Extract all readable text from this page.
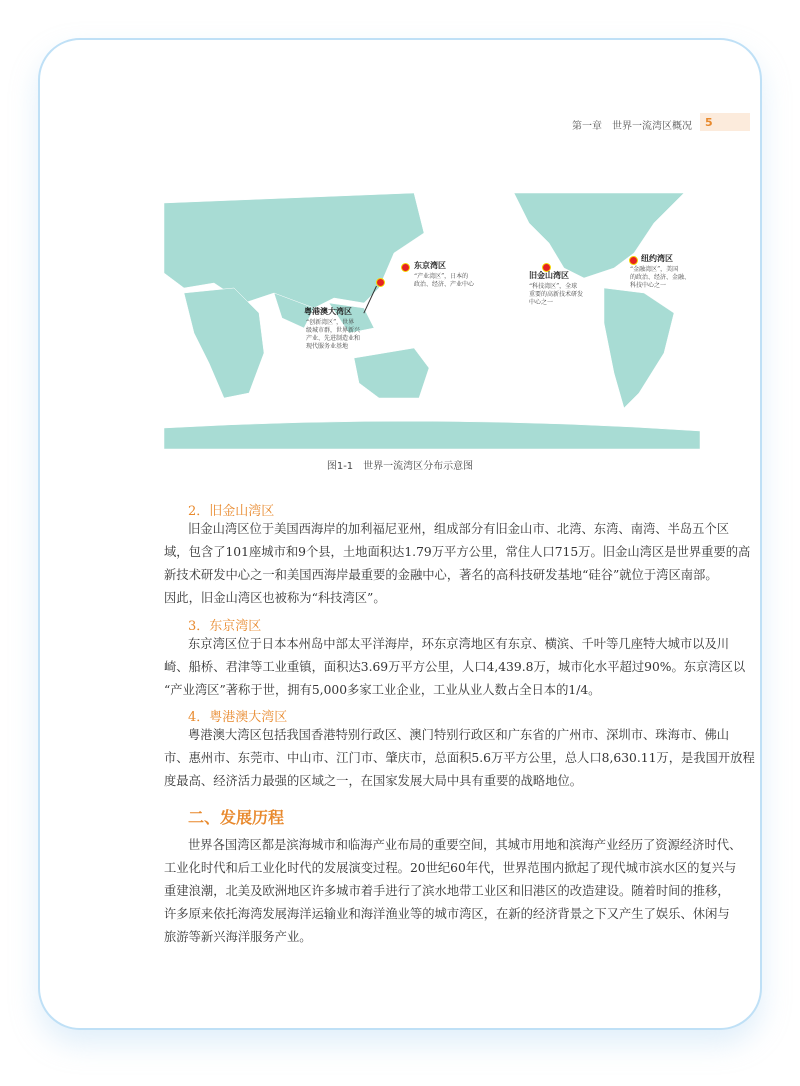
第一章　世界一流湾区概况 5
东京湾区
“产业湾区”，日本的
政治、经济、产业中心
旧金山湾区
“科技湾区”，全球
重要的高新技术研发
中心之一
纽约湾区
“金融湾区”，美国
的政治、经济、金融、
科技中心之一
粤港澳大湾区
“创新湾区”，世界
级城市群，世界新兴
产业、先进制造业和
现代服务业基地
图1-1　世界一流湾区分布示意图
2．旧金山湾区
旧金山湾区位于美国西海岸的加利福尼亚州，组成部分有旧金山市、北湾、东湾、南湾、半岛五个区
域，包含了101座城市和9个县，土地面积达1.79万平方公里，常住人口715万。旧金山湾区是世界重要的高
新技术研发中心之一和美国西海岸最重要的金融中心，著名的高科技研发基地“硅谷”就位于湾区南部。
因此，旧金山湾区也被称为“科技湾区”。
3．东京湾区
东京湾区位于日本本州岛中部太平洋海岸，环东京湾地区有东京、横滨、千叶等几座特大城市以及川
崎、船桥、君津等工业重镇，面积达3.69万平方公里，人口4,439.8万，城市化水平超过90%。东京湾区以
“产业湾区”著称于世，拥有5,000多家工业企业，工业从业人数占全日本的1/4。
4．粤港澳大湾区
粤港澳大湾区包括我国香港特别行政区、澳门特别行政区和广东省的广州市、深圳市、珠海市、佛山
市、惠州市、东莞市、中山市、江门市、肇庆市，总面积5.6万平方公里，总人口8,630.11万，是我国开放程
度最高、经济活力最强的区域之一，在国家发展大局中具有重要的战略地位。
二、发展历程
世界各国湾区都是滨海城市和临海产业布局的重要空间，其城市用地和滨海产业经历了资源经济时代、
工业化时代和后工业化时代的发展演变过程。20世纪60年代，世界范围内掀起了现代城市滨水区的复兴与
重建浪潮，北美及欧洲地区许多城市着手进行了滨水地带工业区和旧港区的改造建设。随着时间的推移，
许多原来依托海湾发展海洋运输业和海洋渔业等的城市湾区，在新的经济背景之下又产生了娱乐、休闲与
旅游等新兴海洋服务产业。
